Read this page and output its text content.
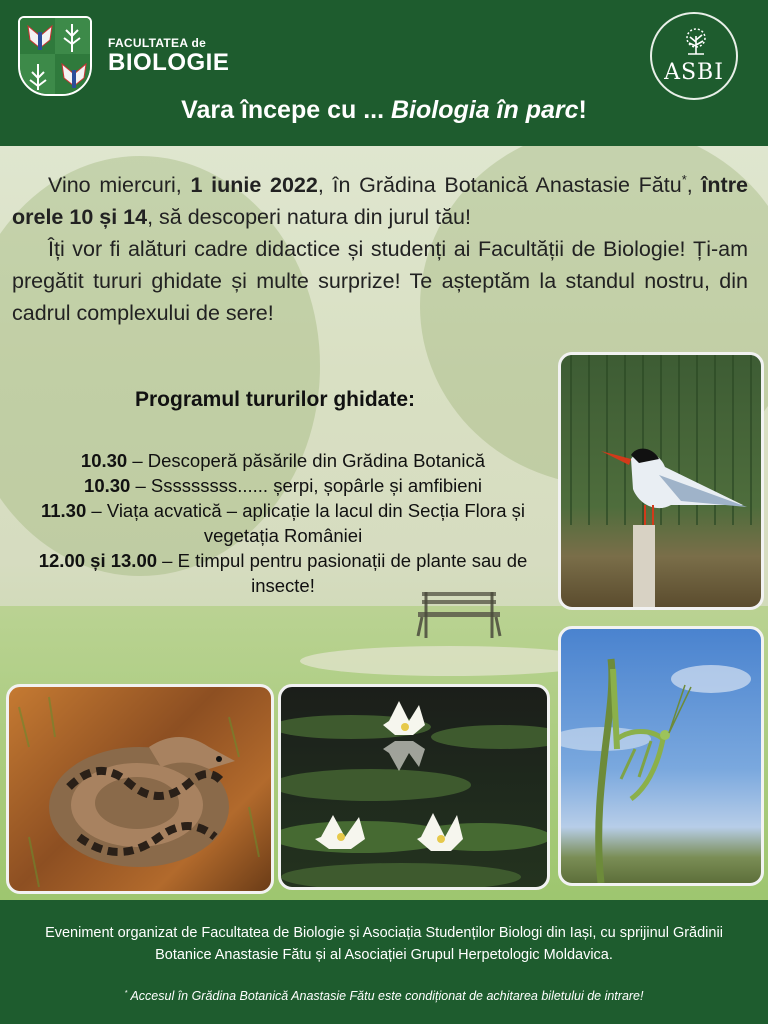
FACULTATEA de
BIOLOGIE	ASBI
Vara începe cu ... Biologia în parc!

Vino miercuri, 1 iunie 2022, în Grădina Botanică Anastasie Fătu*, între orele 10 și 14, să descoperi natura din jurul tău!

Îți vor fi alături cadre didactice și studenți ai Facultății de Biologie! Ți-am pregătit tururi ghidate și multe surprize! Te așteptăm la standul nostru, din cadrul complexului de sere!

Programul tururilor ghidate:
10.30 – Descoperă păsările din Grădina Botanică
10.30 – Sssssssss...... șerpi, șopârle și amfibieni
11.30 – Viața acvatică – aplicație la lacul din Secția Flora și vegetația României
12.00 și 13.00 – E timpul pentru pasionații de plante sau de insecte!
Eveniment organizat de Facultatea de Biologie și Asociația Studenților Biologi din Iași, cu sprijinul Grădinii Botanice Anastasie Fătu și al Asociației Grupul Herpetologic Moldavica.
* Accesul în Grădina Botanică Anastasie Fătu este condiționat de achitarea biletului de intrare!
